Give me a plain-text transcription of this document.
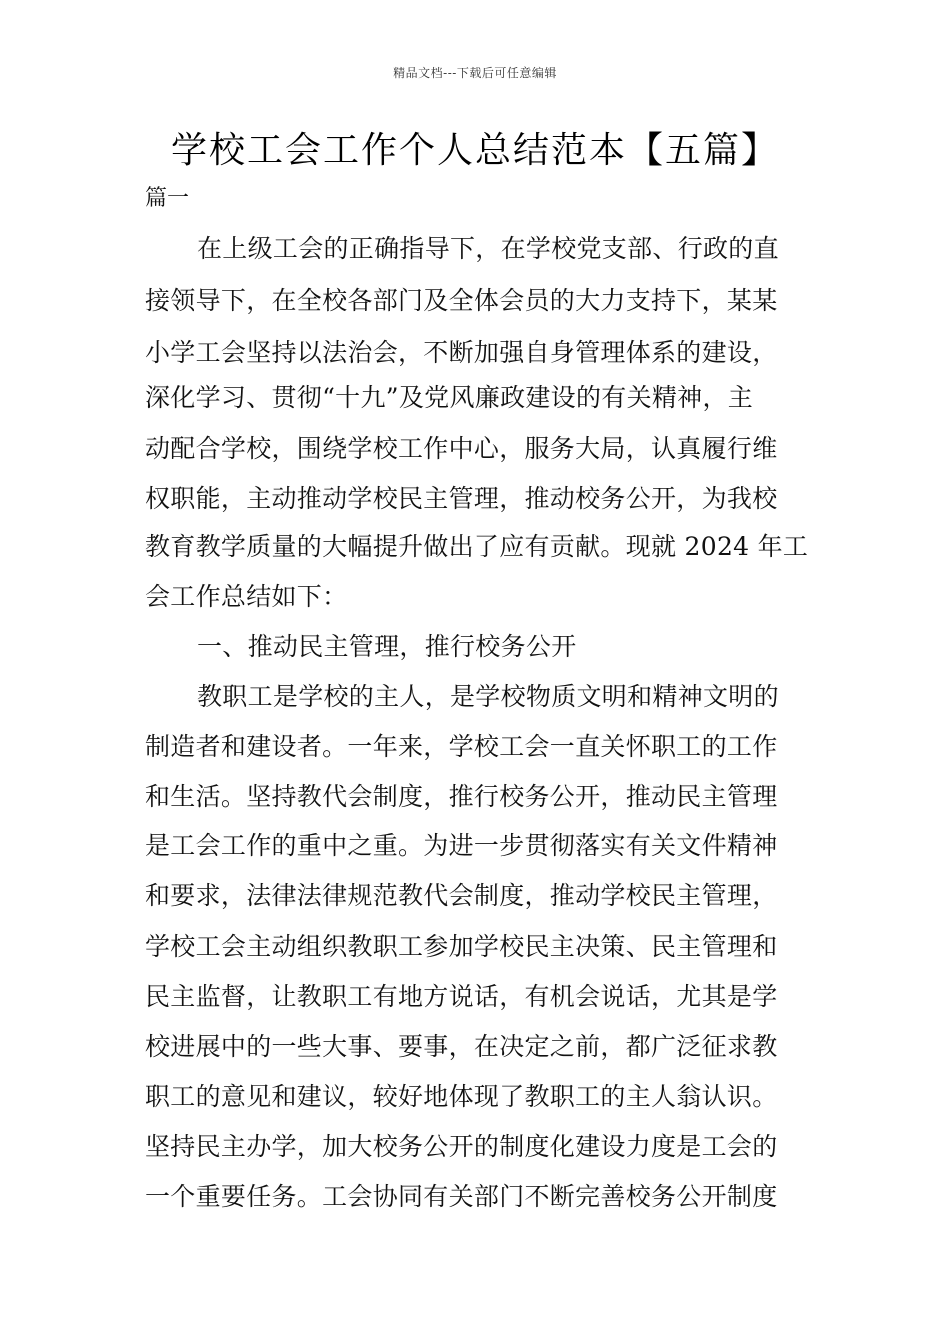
精品文档---下载后可任意编辑
学校工会工作个人总结范本【五篇】
篇一
在上级工会的正确指导下，在学校党支部、行政的直
接领导下，在全校各部门及全体会员的大力支持下，某某
小学工会坚持以法治会，不断加强自身管理体系的建设，
深化学习、贯彻“十九”及党风廉政建设的有关精神，主
动配合学校，围绕学校工作中心，服务大局，认真履行维
权职能，主动推动学校民主管理，推动校务公开，为我校
教育教学质量的大幅提升做出了应有贡献。现就 2024 年工
会工作总结如下：
一、推动民主管理，推行校务公开
教职工是学校的主人，是学校物质文明和精神文明的
制造者和建设者。一年来，学校工会一直关怀职工的工作
和生活。坚持教代会制度，推行校务公开，推动民主管理
是工会工作的重中之重。为进一步贯彻落实有关文件精神
和要求，法律法律规范教代会制度，推动学校民主管理，
学校工会主动组织教职工参加学校民主决策、民主管理和
民主监督，让教职工有地方说话，有机会说话，尤其是学
校进展中的一些大事、要事，在决定之前，都广泛征求教
职工的意见和建议，较好地体现了教职工的主人翁认识。
坚持民主办学，加大校务公开的制度化建设力度是工会的
一个重要任务。工会协同有关部门不断完善校务公开制度
